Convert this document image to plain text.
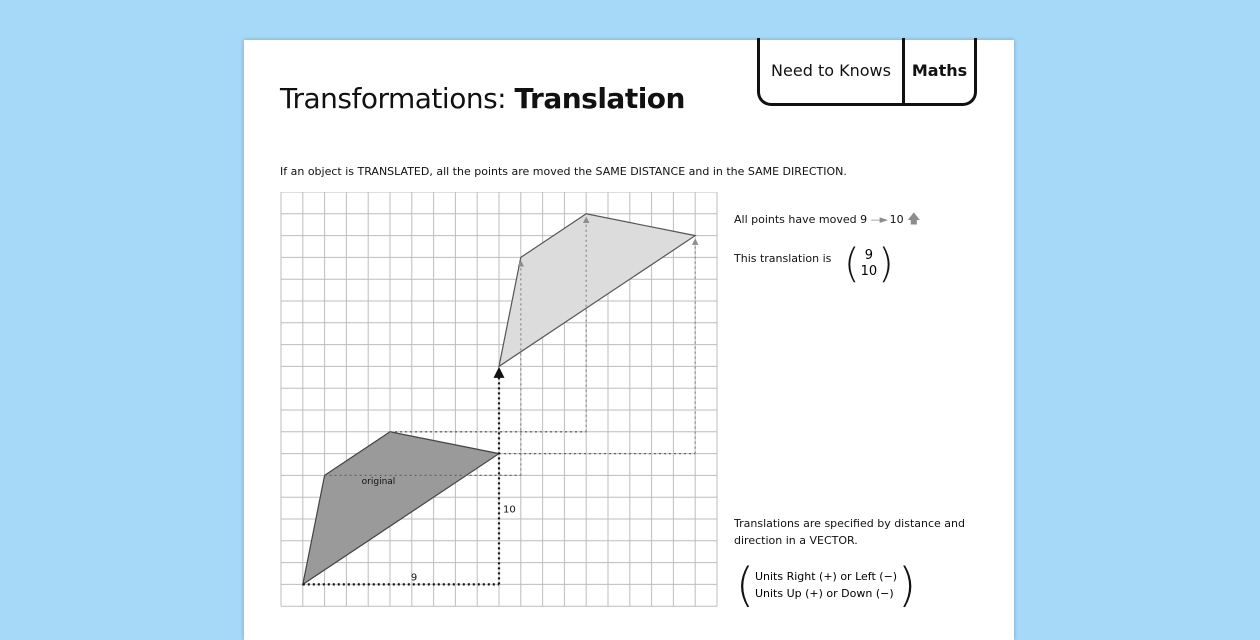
Transformations: Translation
Need to Knows	Maths
If an object is TRANSLATED, all the points are moved the SAME DISTANCE and in the SAME DIRECTION.
original
9
10
All points have moved 9 —► 10 🡅
This translation is ( 9
10 )
Translations are specified by distance and
direction in a VECTOR.
( Units Right (+) or Left (−)
Units Up (+) or Down (−) )
